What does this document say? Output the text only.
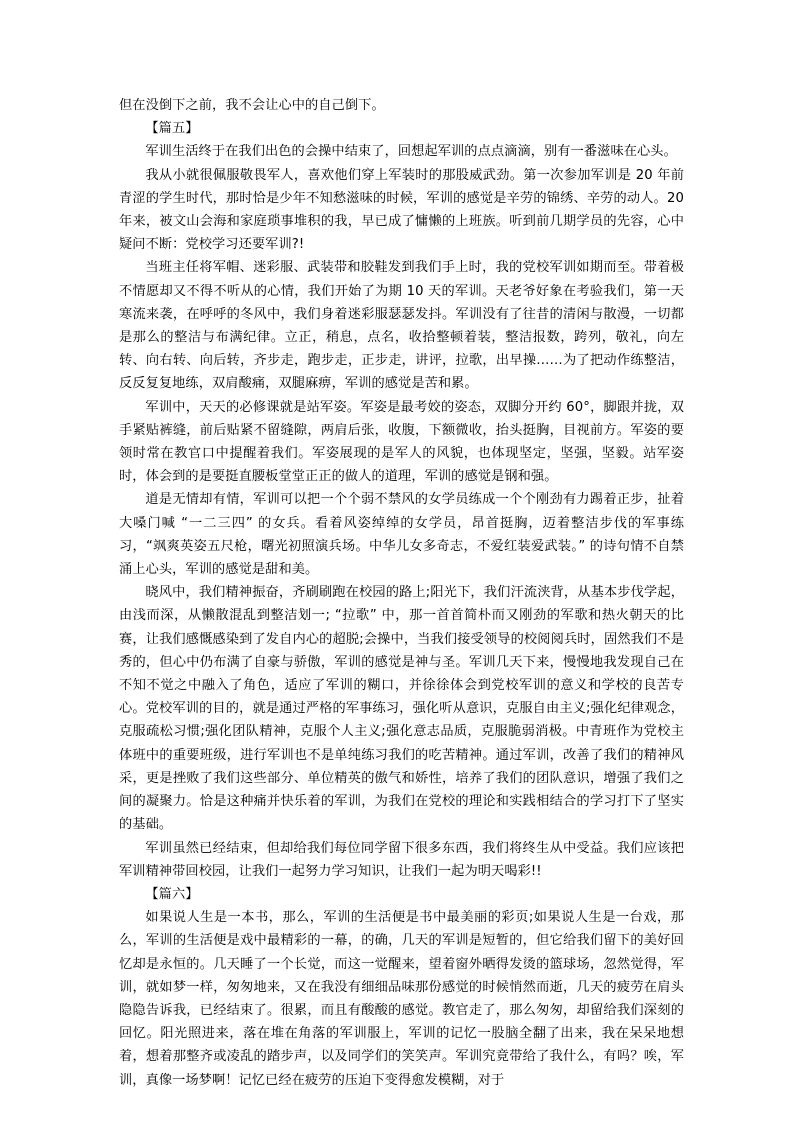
但在没倒下之前，我不会让心中的自己倒下。

【篇五】

军训生活终于在我们出色的会操中结束了，回想起军训的点点滴滴，别有一番滋味在心头。

我从小就很佩服敬畏军人，喜欢他们穿上军装时的那股威武劲。第一次参加军训是 20 年前青涩的学生时代，那时恰是少年不知愁滋味的时候，军训的感觉是辛劳的锦绣、辛劳的动人。20 年来，被文山会海和家庭琐事堆积的我，早已成了慵懒的上班族。听到前几期学员的先容，心中疑问不断：党校学习还要军训?!

当班主任将军帽、迷彩服、武装带和胶鞋发到我们手上时，我的党校军训如期而至。带着极不情愿却又不得不听从的心情，我们开始了为期 10 天的军训。天老爷好象在考验我们，第一天寒流来袭，在呼呼的冬风中，我们身着迷彩服瑟瑟发抖。军训没有了往昔的清闲与散漫，一切都是那么的整洁与布满纪律。立正，稍息，点名，收拾整顿着装，整洁报数，跨列，敬礼，向左转、向右转、向后转，齐步走，跑步走，正步走，讲评，拉歌，出早操……为了把动作练整洁，反反复复地练，双肩酸痛，双腿麻痹，军训的感觉是苦和累。

军训中，天天的必修课就是站军姿。军姿是最考姣的姿态，双脚分开约 60°，脚跟并拢，双手紧贴裤缝，前后贴紧不留缝隙，两肩后张，收腹，下额微收，抬头挺胸，目视前方。军姿的要领时常在教官口中提醒着我们。军姿展现的是军人的风貌，也体现坚定，坚强，坚毅。站军姿时，体会到的是要挺直腰板堂堂正正的做人的道理，军训的感觉是钢和强。

道是无情却有情，军训可以把一个个弱不禁风的女学员练成一个个刚劲有力踢着正步，扯着大嗓门喊 “一二三四” 的女兵。看着风姿绰绰的女学员，昂首挺胸，迈着整洁步伐的军事练习，“飒爽英姿五尺枪，曙光初照演兵场。中华儿女多奇志，不爱红装爱武装。” 的诗句情不自禁涌上心头，军训的感觉是甜和美。

晓风中，我们精神振奋，齐刷刷跑在校园的路上;阳光下，我们汗流浃背，从基本步伐学起，由浅而深，从懒散混乱到整洁划一; “拉歌” 中，那一首首简朴而又刚劲的军歌和热火朝天的比赛，让我们感慨感染到了发自内心的超脱;会操中，当我们接受领导的校阅阅兵时，固然我们不是秀的，但心中仍布满了自豪与骄傲，军训的感觉是神与圣。军训几天下来，慢慢地我发现自己在不知不觉之中融入了角色，适应了军训的糊口，并徐徐体会到党校军训的意义和学校的良苦专心。党校军训的目的，就是通过严格的军事练习，强化听从意识，克服自由主义;强化纪律观念，克服疏松习惯;强化团队精神，克服个人主义;强化意志品质，克服脆弱消极。中青班作为党校主体班中的重要班级，进行军训也不是单纯练习我们的吃苦精神。通过军训，改善了我们的精神风采，更是挫败了我们这些部分、单位精英的傲气和娇性，培养了我们的团队意识，增强了我们之间的凝聚力。恰是这种痛并快乐着的军训，为我们在党校的理论和实践相结合的学习打下了坚实的基础。

军训虽然已经结束，但却给我们每位同学留下很多东西，我们将终生从中受益。我们应该把军训精神带回校园，让我们一起努力学习知识，让我们一起为明天喝彩!!

【篇六】

如果说人生是一本书，那么，军训的生活便是书中最美丽的彩页;如果说人生是一台戏，那么，军训的生活便是戏中最精彩的一幕，的确，几天的军训是短暂的，但它给我们留下的美好回忆却是永恒的。几天睡了一个长觉，而这一觉醒来，望着窗外晒得发烫的篮球场，忽然觉得，军训，就如梦一样，匆匆地来，又在我没有细细品味那份感觉的时候悄然而逝，几天的疲劳在肩头隐隐告诉我，已经结束了。很累，而且有酸酸的感觉。教官走了，那么匆匆，却留给我们深刻的回忆。阳光照进来，落在堆在角落的军训服上，军训的记忆一股脑全翻了出来，我在呆呆地想着，想着那整齐或凌乱的踏步声，以及同学们的笑笑声。军训究竟带给了我什么，有吗？唉，军训，真像一场梦啊！记忆已经在疲劳的压迫下变得愈发模糊，对于
